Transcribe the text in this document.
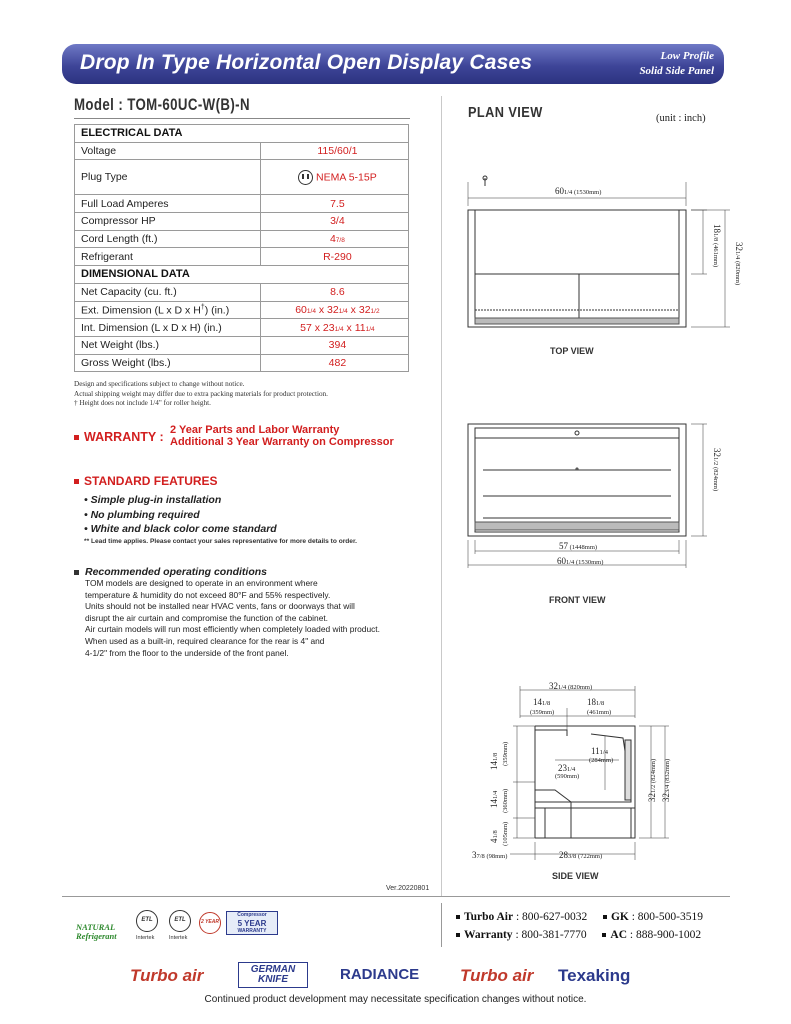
Drop In Type Horizontal Open Display Cases	Low Profile
Solid Side Panel
Model : TOM-60UC-W(B)-N
ELECTRICAL DATA	
Voltage	115/60/1
Plug Type	NEMA 5-15P
Full Load Amperes	7.5
Compressor HP	3/4
Cord Length (ft.)	47/8
Refrigerant	R-290
DIMENSIONAL DATA	
Net Capacity (cu. ft.)	8.6
Ext. Dimension (L x D x H†) (in.)	601/4 x 321/4 x 321/2
Int. Dimension (L x D x H) (in.)	57 x 231/4 x 111/4
Net Weight (lbs.)	394
Gross Weight (lbs.)	482
Design and specifications subject to change without notice.
Actual shipping weight may differ due to extra packing materials for product protection.
† Height does not include 1/4" for roller height.
WARRANTY : 2 Year Parts and Labor Warranty
Additional 3 Year Warranty on Compressor
STANDARD FEATURES
• Simple plug-in installation
• No plumbing required
• White and black color come standard
** Lead time applies. Please contact your sales representative for more details to order.
Recommended operating conditions

TOM models are designed to operate in an environment where

temperature & humidity do not exceed 80°F and 55% respectively.

Units should not be installed near HVAC vents, fans or doorways that will

disrupt the air curtain and compromise the function of the cabinet.

Air curtain models will run most efficiently when completely loaded with product.

When used as a built-in, required clearance for the rear is 4" and

4-1/2" from the floor to the underside of the front panel.

Ver.20220801
PLAN VIEW	(unit : inch)
601/4 (1530mm)
181/8 (461mm)	321/4 (820mm)
TOP VIEW
57 (1448mm)
601/4 (1530mm)
321/2 (824mm)
FRONT VIEW
321/4 (820mm)
141/8
(359mm)
181/8
(461mm)
111/4
(284mm)
231/4
(590mm)
141/8 (359mm)
141/4 (360mm)
41/8 (105mm)
37/8 (98mm)	283/8 (722mm)
321/2 (824mm)
323/4 (832mm)
SIDE VIEW
NATURAL
Refrigerant
ETL
Intertek
ETL
Intertek
2 YEAR
Compressor
5 YEAR
WARRANTY
Turbo Air : 800-627-0032 GK : 800-500-3519
Warranty : 800-381-7770 AC : 888-900-1002
Turbo air	GERMAN KNIFE	RADIANCE Turbo air Texaking
Continued product development may necessitate specification changes without notice.
